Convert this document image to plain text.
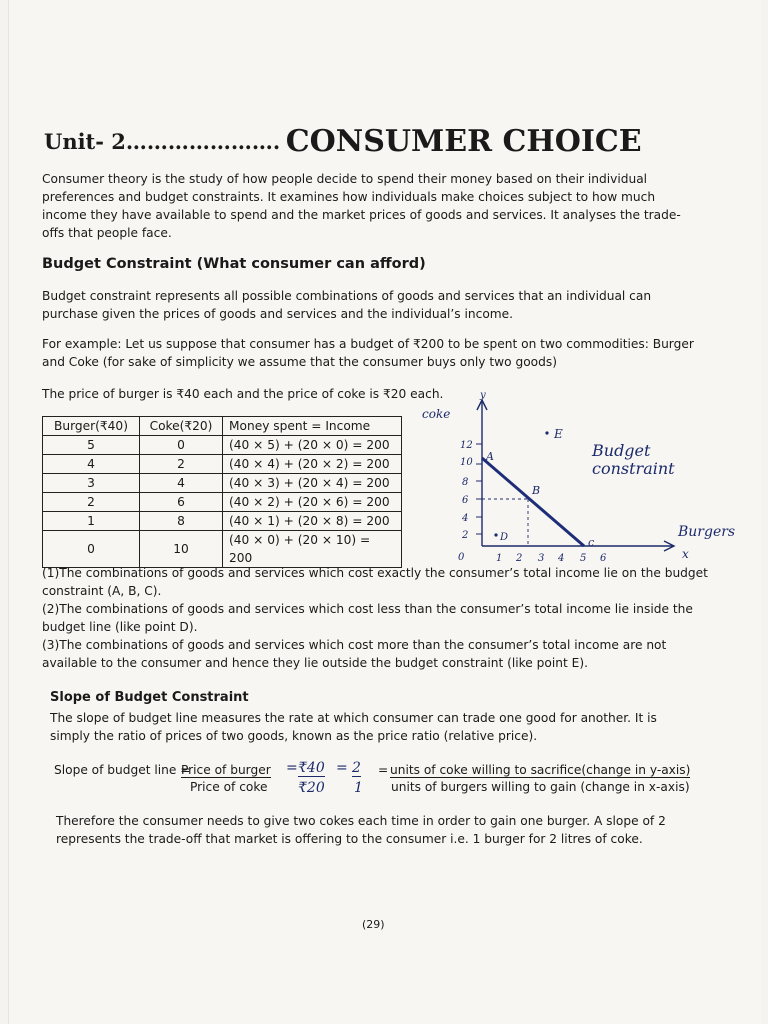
Unit- 2…………………. CONSUMER CHOICE

Consumer theory is the study of how people decide to spend their money based on their individual preferences and budget constraints. It examines how individuals make choices subject to how much income they have available to spend and the market prices of goods and services. It analyses the trade-offs that people face.

Budget Constraint (What consumer can afford)

Budget constraint represents all possible combinations of goods and services that an individual can purchase given the prices of goods and services and the individual’s income.

For example: Let us suppose that consumer has a budget of ₹200 to be spent on two commodities: Burger and Coke (for sake of simplicity we assume that the consumer buys only two goods)

The price of burger is ₹40 each and the price of coke is ₹20 each.

Burger(₹40)	Coke(₹20)	Money spent = Income
5	0	(40 × 5) + (20 × 0) = 200
4	2	(40 × 4) + (20 × 2) = 200
3	4	(40 × 3) + (20 × 4) = 200
2	6	(40 × 2) + (20 × 6) = 200
1	8	(40 × 1) + (20 × 8) = 200
0	10	(40 × 0) + (20 × 10) = 200
y
coke
12
10
8
6
4
2
0	1 2 3 4 5 6	x
Burgers
A
B
c
D
E
Budget
constraint

(1)The combinations of goods and services which cost exactly the consumer’s total income lie on the budget constraint (A, B, C).

(2)The combinations of goods and services which cost less than the consumer’s total income lie inside the budget line (like point D).

(3)The combinations of goods and services which cost more than the consumer’s total income are not available to the consumer and hence they lie outside the budget constraint (like point E).

Slope of Budget Constraint

The slope of budget line measures the rate at which consumer can trade one good for another. It is simply the ratio of prices of two goods, known as the price ratio (relative price).

Slope of budget line =
Price of burger
Price of coke
= ₹40
₹20
= 2
1
= units of coke willing to sacrifice(change in y-axis)
units of burgers willing to gain (change in x-axis)

Therefore the consumer needs to give two cokes each time in order to gain one burger. A slope of 2 represents the trade-off that market is offering to the consumer i.e. 1 burger for 2 litres of coke.

(29)
